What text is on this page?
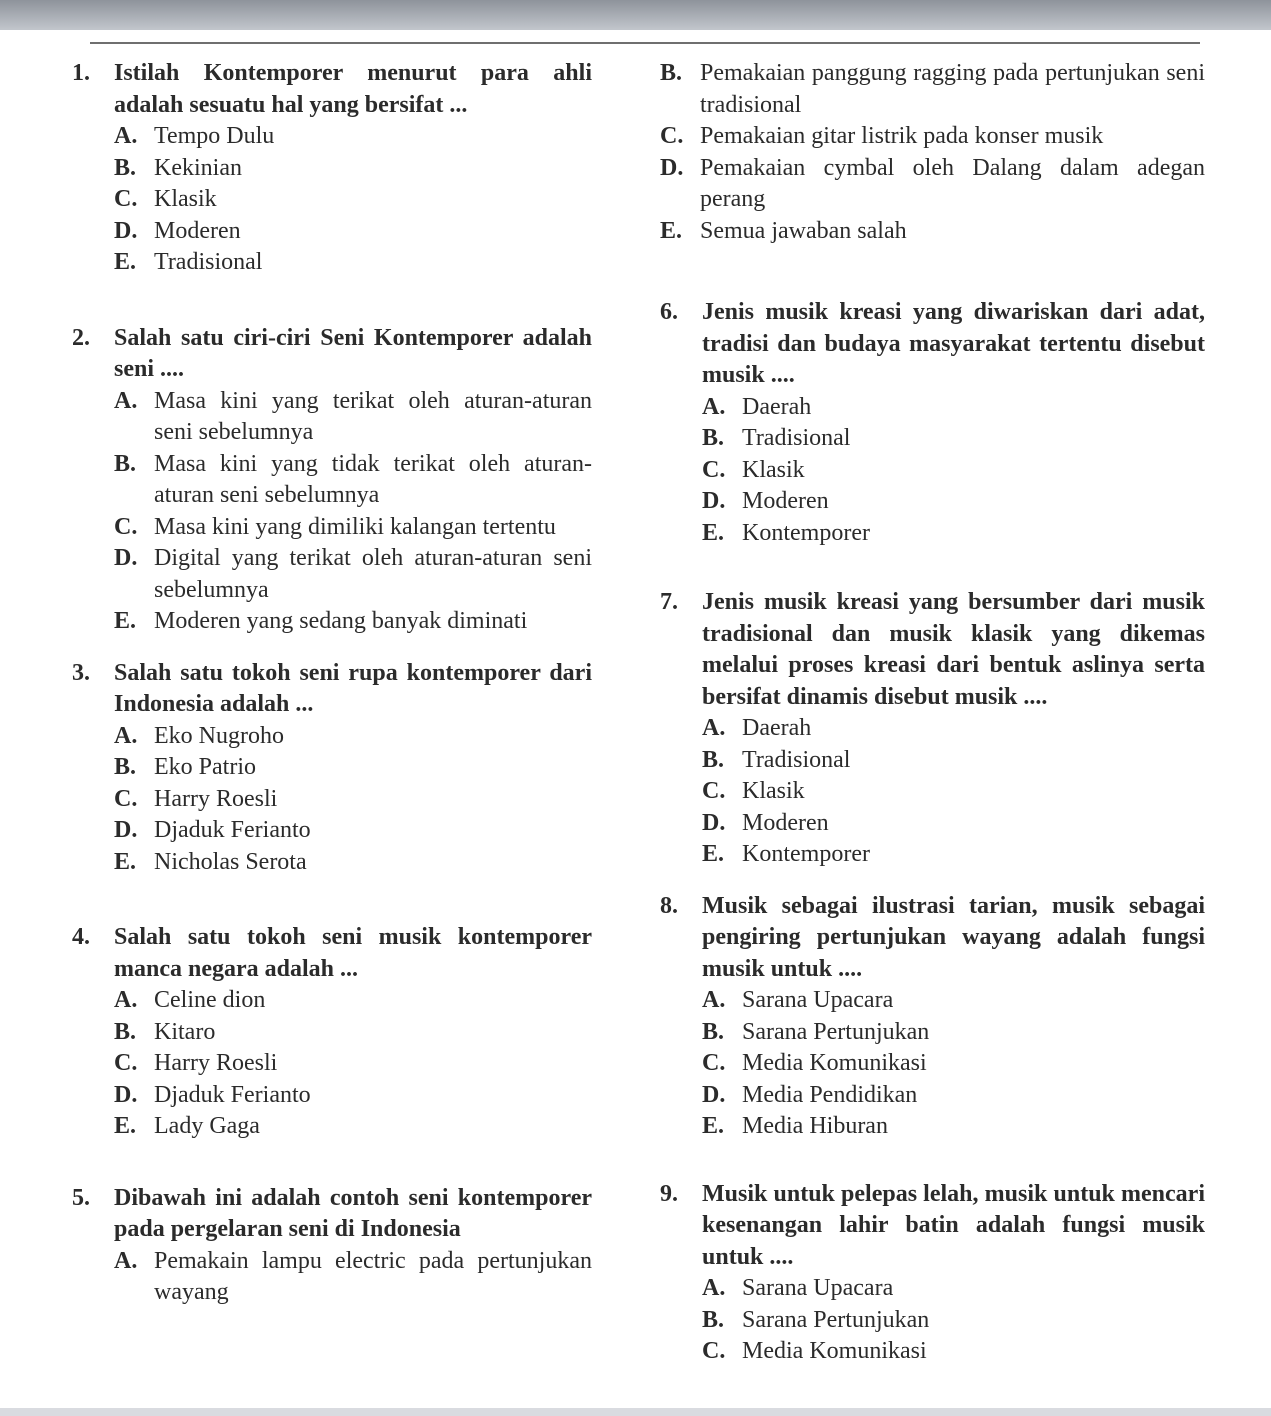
1.	Istilah Kontemporer menurut para ahli adalah sesuatu hal yang bersifat ...
A. Tempo Dulu
B. Kekinian
C. Klasik
D. Moderen
E. Tradisional
2.	Salah satu ciri-ciri Seni Kontemporer adalah seni ....
A. Masa kini yang terikat oleh aturan-aturan seni sebelumnya
B. Masa kini yang tidak terikat oleh aturan-aturan seni sebelumnya
C. Masa kini yang dimiliki kalangan tertentu
D. Digital yang terikat oleh aturan-aturan seni sebelumnya
E. Moderen yang sedang banyak diminati
3.	Salah satu tokoh seni rupa kontemporer dari Indonesia adalah ...
A. Eko Nugroho
B. Eko Patrio
C. Harry Roesli
D. Djaduk Ferianto
E. Nicholas Serota
4.	Salah satu tokoh seni musik kontemporer manca negara adalah ...
A. Celine dion
B. Kitaro
C. Harry Roesli
D. Djaduk Ferianto
E. Lady Gaga
5.	Dibawah ini adalah contoh seni kontemporer pada pergelaran seni di Indonesia
A. Pemakain lampu electric pada pertunjukan wayang
B. Pemakaian panggung ragging pada pertunjukan seni tradisional
C. Pemakaian gitar listrik pada konser musik
D. Pemakaian cymbal oleh Dalang dalam adegan perang
E. Semua jawaban salah
6.	Jenis musik kreasi yang diwariskan dari adat, tradisi dan budaya masyarakat tertentu disebut musik ....
A. Daerah
B. Tradisional
C. Klasik
D. Moderen
E. Kontemporer
7.	Jenis musik kreasi yang bersumber dari musik tradisional dan musik klasik yang dikemas melalui proses kreasi dari bentuk aslinya serta bersifat dinamis disebut musik ....
A. Daerah
B. Tradisional
C. Klasik
D. Moderen
E. Kontemporer
8.	Musik sebagai ilustrasi tarian, musik sebagai pengiring pertunjukan wayang adalah fungsi musik untuk ....
A. Sarana Upacara
B. Sarana Pertunjukan
C. Media Komunikasi
D. Media Pendidikan
E. Media Hiburan
9.	Musik untuk pelepas lelah, musik untuk mencari kesenangan lahir batin adalah fungsi musik untuk ....
A. Sarana Upacara
B. Sarana Pertunjukan
C. Media Komunikasi
